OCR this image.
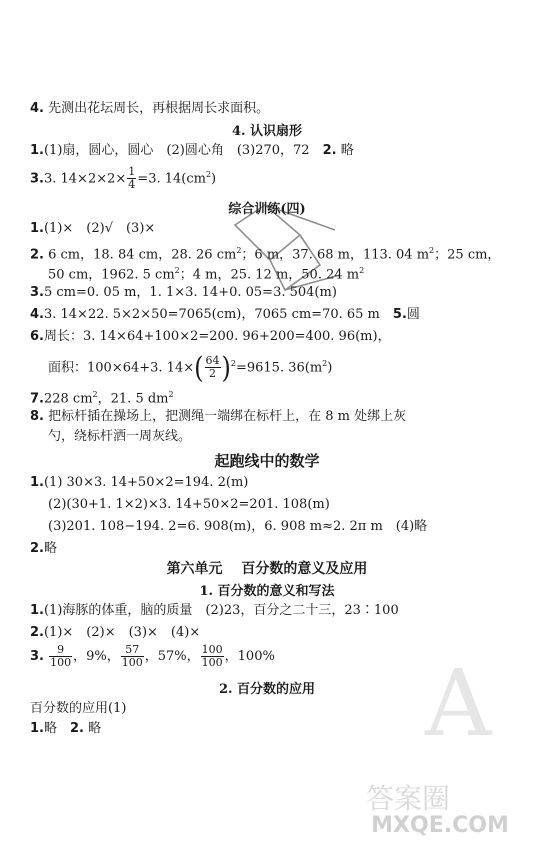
4. 先测出花坛周长，再根据周长求面积。
4. 认识扇形
1.(1)扇，圆心，圆心　(2)圆心角　(3)270，72　 2. 略
3.3. $14\times 2\times 2\times \frac{1}{4} =3$. $14(cm^2)$
综合训练(四)
1.(1)×　(2)√　(3)×
2. 6 cm，18. 84 cm，28. 26 $cm^2$；6 m，37. 68 m，113. 04 $m^2$；25 cm，
50 cm，1962. 5 $cm^2$；4 m，25. 12 m，50. 24 $m^2$
3.5 cm=0. 05 m，1. 1×3. 14+0. 05=3. 504(m)
4.3. 14×22. 5×2×50=7065(cm)，7065 cm=70. 65 m　 5.圆
6.周长：3. 14×64+100×2=200. 96+200=400. 96(m)，
面积：100×64+3. $14\times( \frac{64}{2} )^2=9615$. $36(m^2)$
7.228 $cm^2$，21. 5 $dm^2$
8. 把标杆插在操场上，把测绳一端绑在标杆上，在 8 m 处绑上灰
勺，绕标杆洒一周灰线。
起跑线中的数学
1.(1) 30×3. 14+50×2=194. 2(m)
(2)(30+1. 1×2)×3. 14+50×2=201. 108(m)
(3)201. 108−194. 2=6. 908(m)，6. 908 m≈2. 2π m　(4)略
2.略
第六单元　 百分数的意义及应用
1. 百分数的意义和写法
1.(1)海豚的体重，脑的质量　(2)23，百分之二十三，23∶100
2.(1)×　(2)×　(3)×　(4)×
3. $\frac{9}{100}$ ，9%， $\frac{57}{100}$ ，57%， $\frac{100}{100}$ ，100%
2. 百分数的应用
百分数的应用(1)
1.略　 2. 略	A
答案圈
MXQE.COM
